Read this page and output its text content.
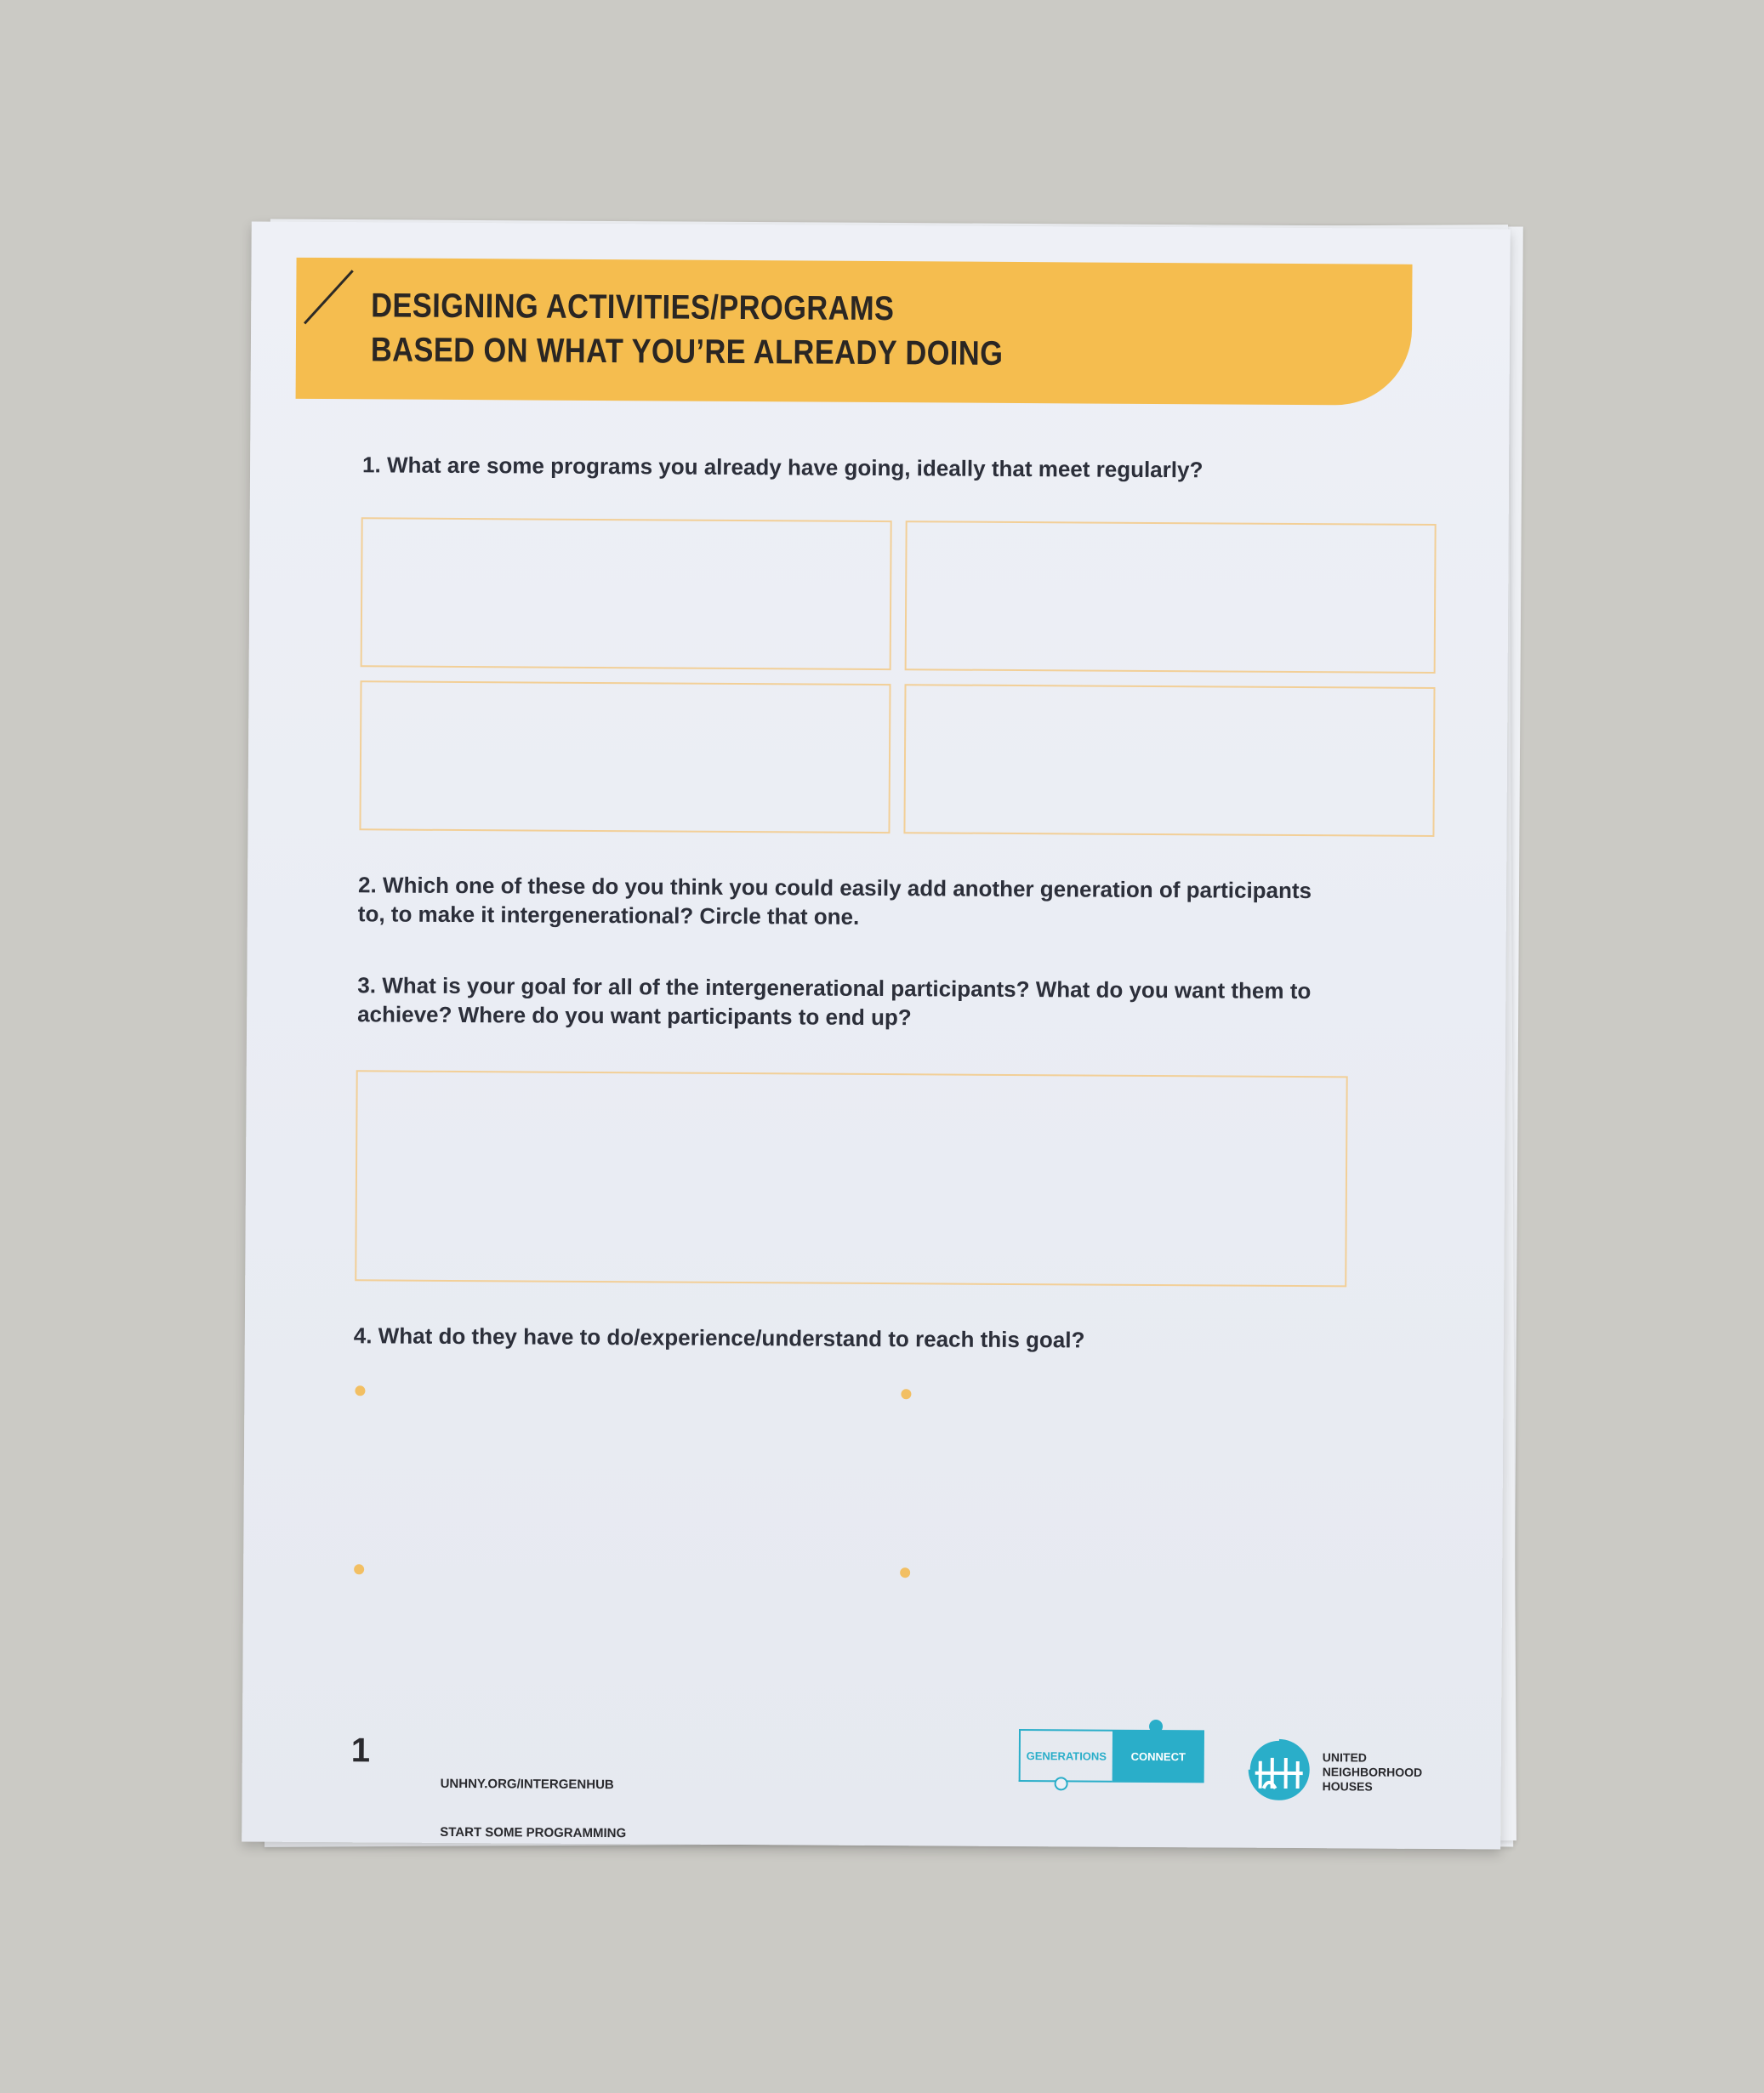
DESIGNING ACTIVITIES/PROGRAMS
BASED ON WHAT YOU’RE ALREADY DOING
1. What are some programs you already have going, ideally that meet regularly?
2. Which one of these do you think you could easily add another generation of participants
to, to make it intergenerational? Circle that one.
3. What is your goal for all of the intergenerational participants? What do you want them to
achieve? Where do you want participants to end up?
4. What do they have to do/experience/understand to reach this goal?
1

UNHNY.ORG/INTERGENHUB

START SOME PROGRAMMING

GENERATIONS	CONNECT	UNITED
NEIGHBORHOOD
HOUSES
